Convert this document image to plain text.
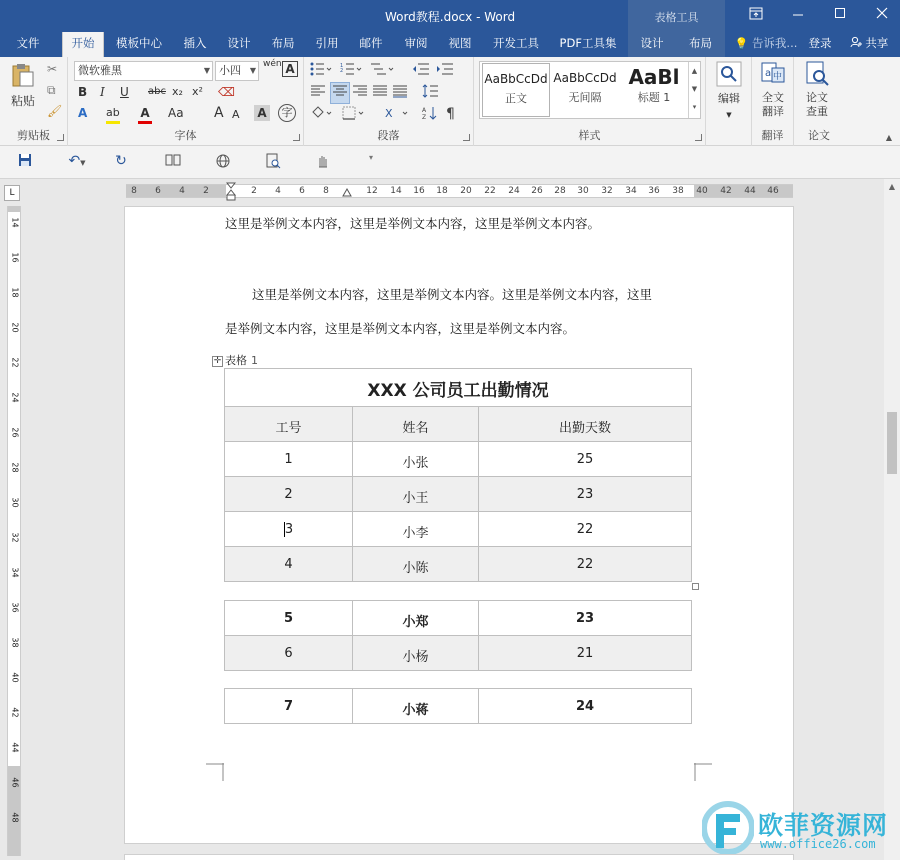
Word教程.docx - Word	表格工具
文件	开始	模板中心	插入	设计	布局	引用	邮件	审阅	视图	开发工具	PDF工具集	设计	布局	💡 告诉我... 登录	共享
粘贴
✂
⧉
🖌
剪贴板
微软雅黑	▼ 小四 ▼
wén A
B I U abc x₂ x² ⌫
A ab A Aa A A A	字
字体
1
2
X	A
Z ¶
段落	样式
AaBbCcDd
正文
AaBbCcDd
无间隔
AaBl
标题 1
▲
▼
▾
编辑
▼
a 中
全文翻译
翻译
论文查重
论文	▲
↶▼	↻	▾
L	8 6 4 2	2 4 6 8	12 14 16 18 20 22 24 26 28 30 32 34 36 38 40 42 44 46
14
16
18
20
22
24
26
28
30
32
34
36
38
40
42
44
46
48
这里是举例文本内容，这里是举例文本内容，这里是举例文本内容。
这里是举例文本内容，这里是举例文本内容。这里是举例文本内容，这里
是举例文本内容，这里是举例文本内容，这里是举例文本内容。
✛ 表格 1
XXX 公司员工出勤情况		
工号	姓名	出勤天数
1	小张	25
2	小王	23
3	小李	22
4	小陈	22
5	小郑	23
6	小杨	21
7	小蒋	24
▲
欧菲资源网
www.office26.com
